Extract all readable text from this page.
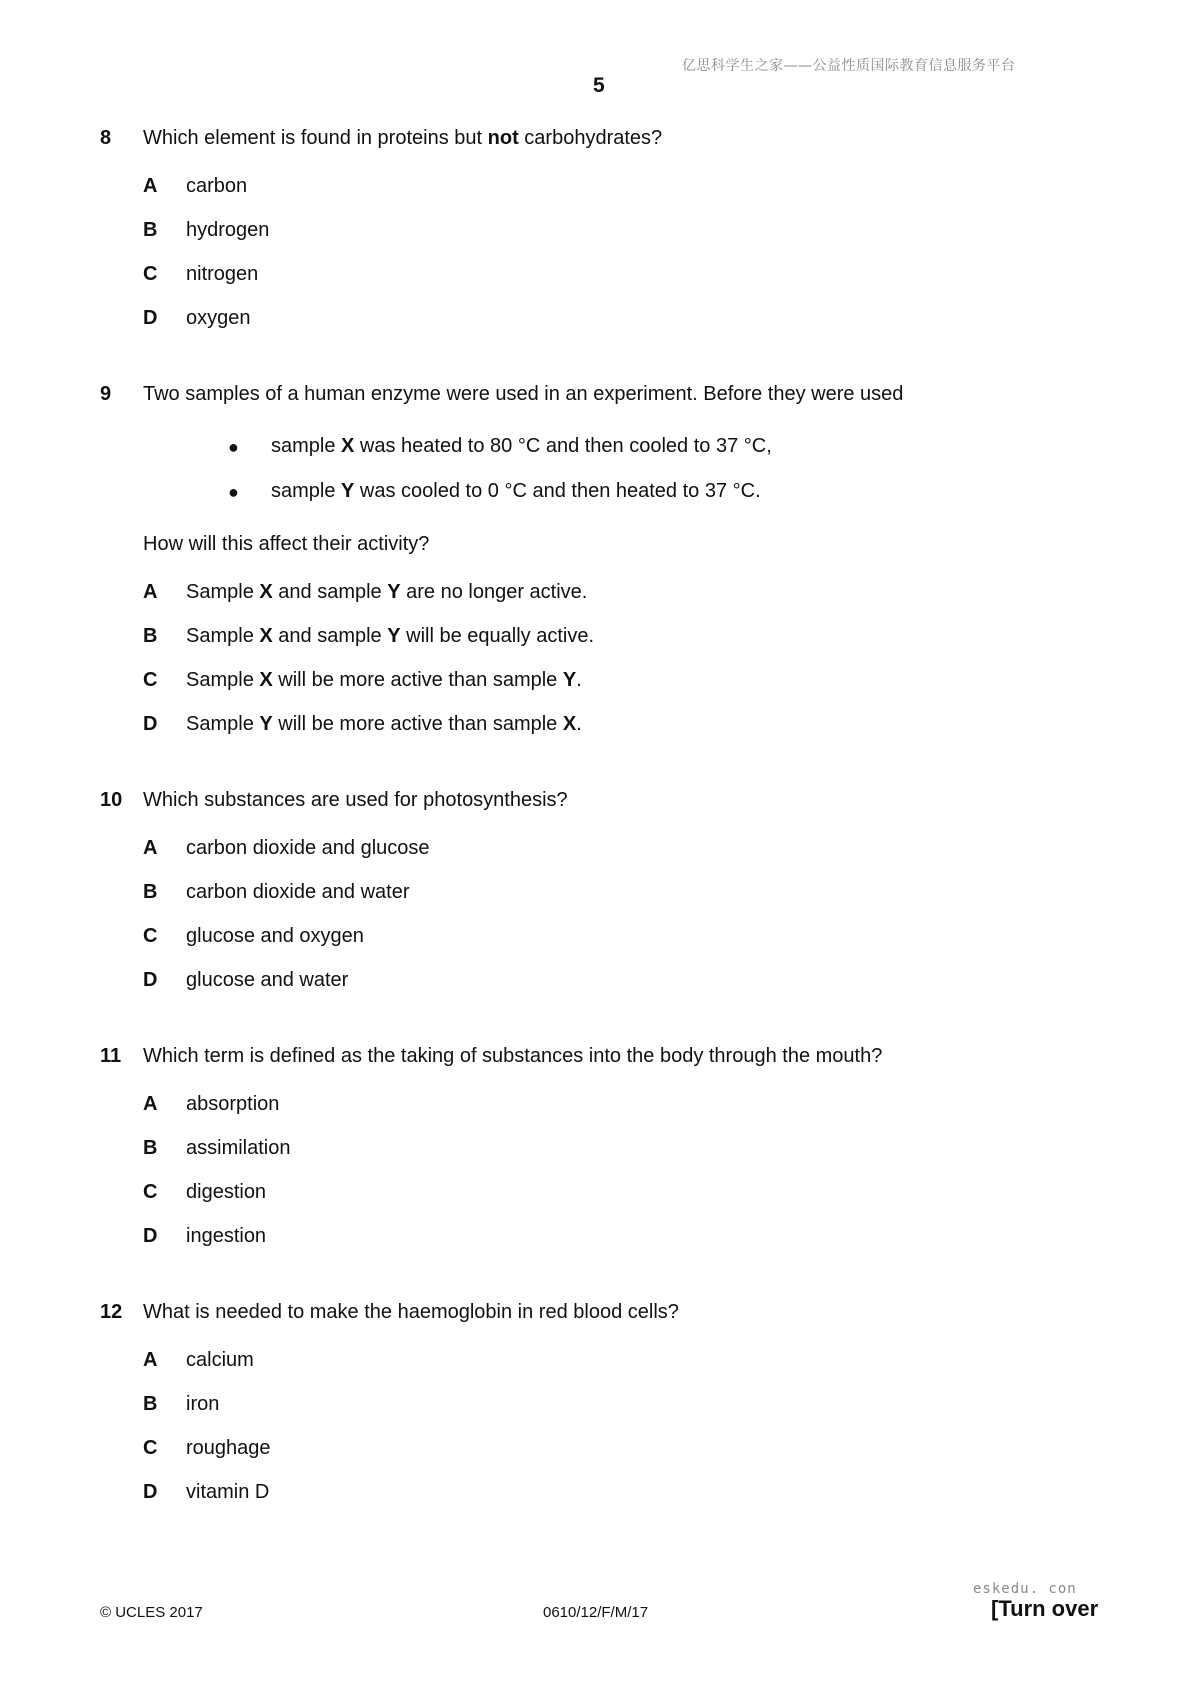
亿思科学生之家——公益性质国际教育信息服务平台
5
8 Which element is found in proteins but not carbohydrates?
A carbon
B hydrogen
C nitrogen
D oxygen
9 Two samples of a human enzyme were used in an experiment. Before they were used
● sample X was heated to 80 °C and then cooled to 37 °C,
● sample Y was cooled to 0 °C and then heated to 37 °C.
How will this affect their activity?
A Sample X and sample Y are no longer active.
B Sample X and sample Y will be equally active.
C Sample X will be more active than sample Y.
D Sample Y will be more active than sample X.
10 Which substances are used for photosynthesis?
A carbon dioxide and glucose
B carbon dioxide and water
C glucose and oxygen
D glucose and water
11 Which term is defined as the taking of substances into the body through the mouth?
A absorption
B assimilation
C digestion
D ingestion
12 What is needed to make the haemoglobin in red blood cells?
A calcium
B iron
C roughage
D vitamin D
eskedu. con
© UCLES 2017	0610/12/F/M/17	[Turn over
